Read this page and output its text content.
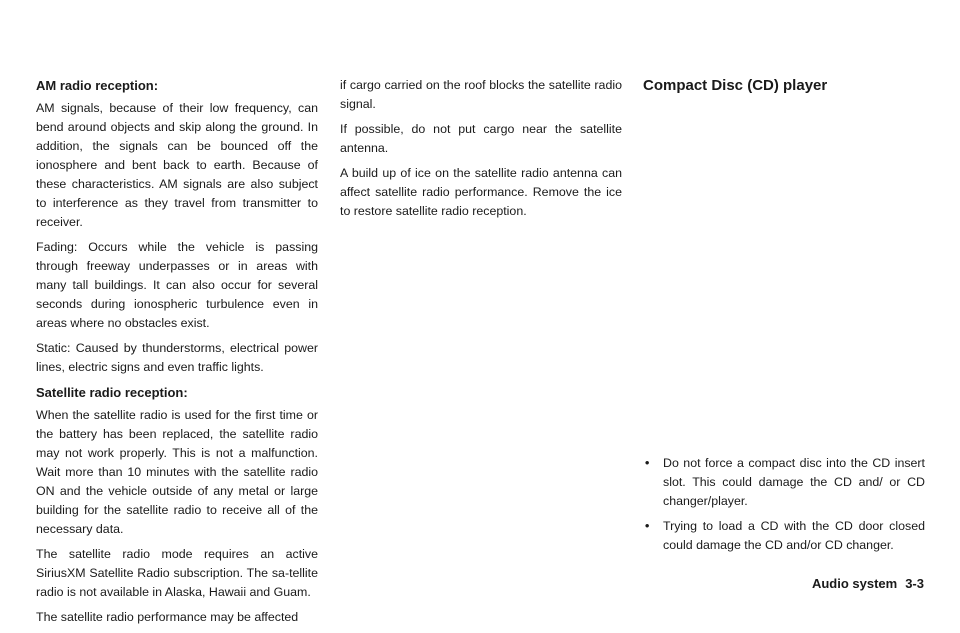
AM radio reception:

AM signals, because of their low frequency, can bend around objects and skip along the ground. In addition, the signals can be bounced off the ionosphere and bent back to earth. Because of these characteristics. AM signals are also subject to interference as they travel from transmitter to receiver.

Fading: Occurs while the vehicle is passing through freeway underpasses or in areas with many tall buildings. It can also occur for several seconds during ionospheric turbulence even in areas where no obstacles exist.

Static: Caused by thunderstorms, electrical power lines, electric signs and even traffic lights.

Satellite radio reception:

When the satellite radio is used for the first time or the battery has been replaced, the satellite radio may not work properly. This is not a malfunction. Wait more than 10 minutes with the satellite radio ON and the vehicle outside of any metal or large building for the satellite radio to receive all of the necessary data.

The satellite radio mode requires an active SiriusXM Satellite Radio subscription. The sa-tellite radio is not available in Alaska, Hawaii and Guam.

The satellite radio performance may be affected

if cargo carried on the roof blocks the satellite radio signal.

If possible, do not put cargo near the satellite antenna.

A build up of ice on the satellite radio antenna can affect satellite radio performance. Remove the ice to restore satellite radio reception.

Compact Disc (CD) player
• Do not force a compact disc into the CD insert slot. This could damage the CD and/ or CD changer/player.
• Trying to load a CD with the CD door closed could damage the CD and/or CD changer.
Audio system 3-3
